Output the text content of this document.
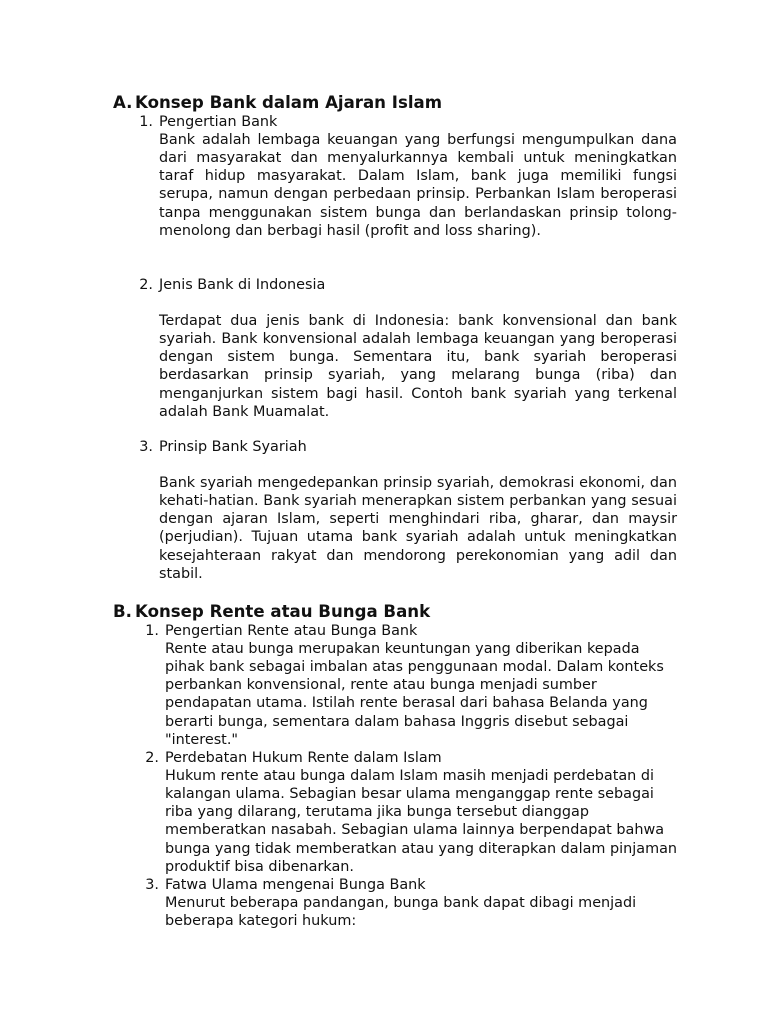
A. Konsep Bank dalam Ajaran Islam
1. Pengertian Bank

Bank adalah lembaga keuangan yang berfungsi mengumpulkan dana dari masyarakat dan menyalurkannya kembali untuk meningkatkan taraf hidup masyarakat. Dalam Islam, bank juga memiliki fungsi serupa, namun dengan perbedaan prinsip. Perbankan Islam beroperasi tanpa menggunakan sistem bunga dan berlandaskan prinsip tolong-menolong dan berbagi hasil (profit and loss sharing).

2. Jenis Bank di Indonesia

Terdapat dua jenis bank di Indonesia: bank konvensional dan bank syariah. Bank konvensional adalah lembaga keuangan yang beroperasi dengan sistem bunga. Sementara itu, bank syariah beroperasi berdasarkan prinsip syariah, yang melarang bunga (riba) dan menganjurkan sistem bagi hasil. Contoh bank syariah yang terkenal adalah Bank Muamalat.

3. Prinsip Bank Syariah

Bank syariah mengedepankan prinsip syariah, demokrasi ekonomi, dan kehati-hatian. Bank syariah menerapkan sistem perbankan yang sesuai dengan ajaran Islam, seperti menghindari riba, gharar, dan maysir (perjudian). Tujuan utama bank syariah adalah untuk meningkatkan kesejahteraan rakyat dan mendorong perekonomian yang adil dan stabil.

B. Konsep Rente atau Bunga Bank
1. Pengertian Rente atau Bunga Bank

Rente atau bunga merupakan keuntungan yang diberikan kepada pihak bank sebagai imbalan atas penggunaan modal. Dalam konteks perbankan konvensional, rente atau bunga menjadi sumber pendapatan utama. Istilah rente berasal dari bahasa Belanda yang berarti bunga, sementara dalam bahasa Inggris disebut sebagai "interest."

2. Perdebatan Hukum Rente dalam Islam

Hukum rente atau bunga dalam Islam masih menjadi perdebatan di kalangan ulama. Sebagian besar ulama menganggap rente sebagai riba yang dilarang, terutama jika bunga tersebut dianggap memberatkan nasabah. Sebagian ulama lainnya berpendapat bahwa bunga yang tidak memberatkan atau yang diterapkan dalam pinjaman produktif bisa dibenarkan.

3. Fatwa Ulama mengenai Bunga Bank

Menurut beberapa pandangan, bunga bank dapat dibagi menjadi beberapa kategori hukum:
